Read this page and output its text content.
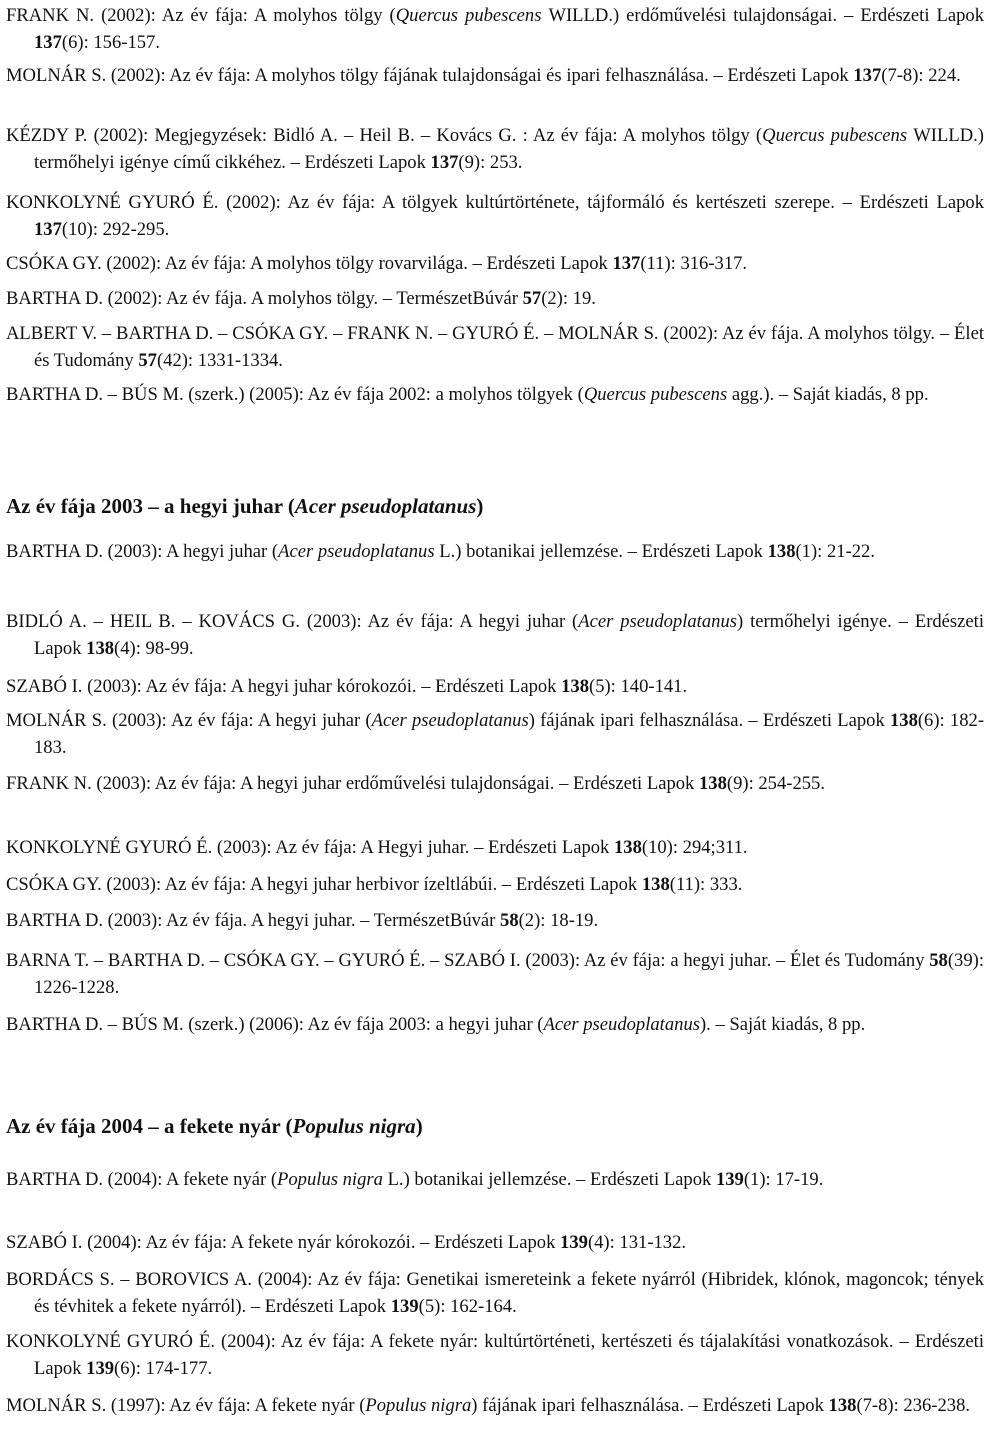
FRANK N. (2002): Az év fája: A molyhos tölgy (Quercus pubescens WILLD.) erdőművelési tulajdonságai. – Erdészeti Lapok 137(6): 156-157.

MOLNÁR S. (2002): Az év fája: A molyhos tölgy fájának tulajdonságai és ipari felhasználása. – Erdészeti Lapok 137(7-8): 224.

KÉZDY P. (2002): Megjegyzések: Bidló A. – Heil B. – Kovács G. : Az év fája: A molyhos tölgy (Quercus pubescens WILLD.) termőhelyi igénye című cikkéhez. – Erdészeti Lapok 137(9): 253.

KONKOLYNÉ GYURÓ É. (2002): Az év fája: A tölgyek kultúrtörténete, tájformáló és kertészeti szerepe. – Erdészeti Lapok 137(10): 292-295.

CSÓKA GY. (2002): Az év fája: A molyhos tölgy rovarvilága. – Erdészeti Lapok 137(11): 316-317.

BARTHA D. (2002): Az év fája. A molyhos tölgy. – TermészetBúvár 57(2): 19.

ALBERT V. – BARTHA D. – CSÓKA GY. – FRANK N. – GYURÓ É. – MOLNÁR S. (2002): Az év fája. A molyhos tölgy. – Élet és Tudomány 57(42): 1331-1334.

BARTHA D. – BÚS M. (szerk.) (2005): Az év fája 2002: a molyhos tölgyek (Quercus pubescens agg.). – Saját kiadás, 8 pp.

BARTHA D. (2003): A hegyi juhar (Acer pseudoplatanus L.) botanikai jellemzése. – Erdészeti Lapok 138(1): 21-22.

BIDLÓ A. – HEIL B. – KOVÁCS G. (2003): Az év fája: A hegyi juhar (Acer pseudoplatanus) termőhelyi igénye. – Erdészeti Lapok 138(4): 98-99.

SZABÓ I. (2003): Az év fája: A hegyi juhar kórokozói. – Erdészeti Lapok 138(5): 140-141.

MOLNÁR S. (2003): Az év fája: A hegyi juhar (Acer pseudoplatanus) fájának ipari felhasználása. – Erdészeti Lapok 138(6): 182-183.

FRANK N. (2003): Az év fája: A hegyi juhar erdőművelési tulajdonságai. – Erdészeti Lapok 138(9): 254-255.

KONKOLYNÉ GYURÓ É. (2003): Az év fája: A Hegyi juhar. – Erdészeti Lapok 138(10): 294;311.

CSÓKA GY. (2003): Az év fája: A hegyi juhar herbivor ízeltlábúi. – Erdészeti Lapok 138(11): 333.

BARTHA D. (2003): Az év fája. A hegyi juhar. – TermészetBúvár 58(2): 18-19.

BARNA T. – BARTHA D. – CSÓKA GY. – GYURÓ É. – SZABÓ I. (2003): Az év fája: a hegyi juhar. – Élet és Tudomány 58(39): 1226-1228.

BARTHA D. – BÚS M. (szerk.) (2006): Az év fája 2003: a hegyi juhar (Acer pseudoplatanus). – Saját kiadás, 8 pp.

BARTHA D. (2004): A fekete nyár (Populus nigra L.) botanikai jellemzése. – Erdészeti Lapok 139(1): 17-19.

SZABÓ I. (2004): Az év fája: A fekete nyár kórokozói. – Erdészeti Lapok 139(4): 131-132.

BORDÁCS S. – BOROVICS A. (2004): Az év fája: Genetikai ismereteink a fekete nyárról (Hibridek, klónok, magoncok; tények és tévhitek a fekete nyárról). – Erdészeti Lapok 139(5): 162-164.

KONKOLYNÉ GYURÓ É. (2004): Az év fája: A fekete nyár: kultúrtörténeti, kertészeti és tájalakítási vonatkozások. – Erdészeti Lapok 139(6): 174-177.

MOLNÁR S. (1997): Az év fája: A fekete nyár (Populus nigra) fájának ipari felhasználása. – Erdészeti Lapok 138(7-8): 236-238.

Az év fája 2003 – a hegyi juhar (Acer pseudoplatanus)
Az év fája 2004 – a fekete nyár (Populus nigra)
